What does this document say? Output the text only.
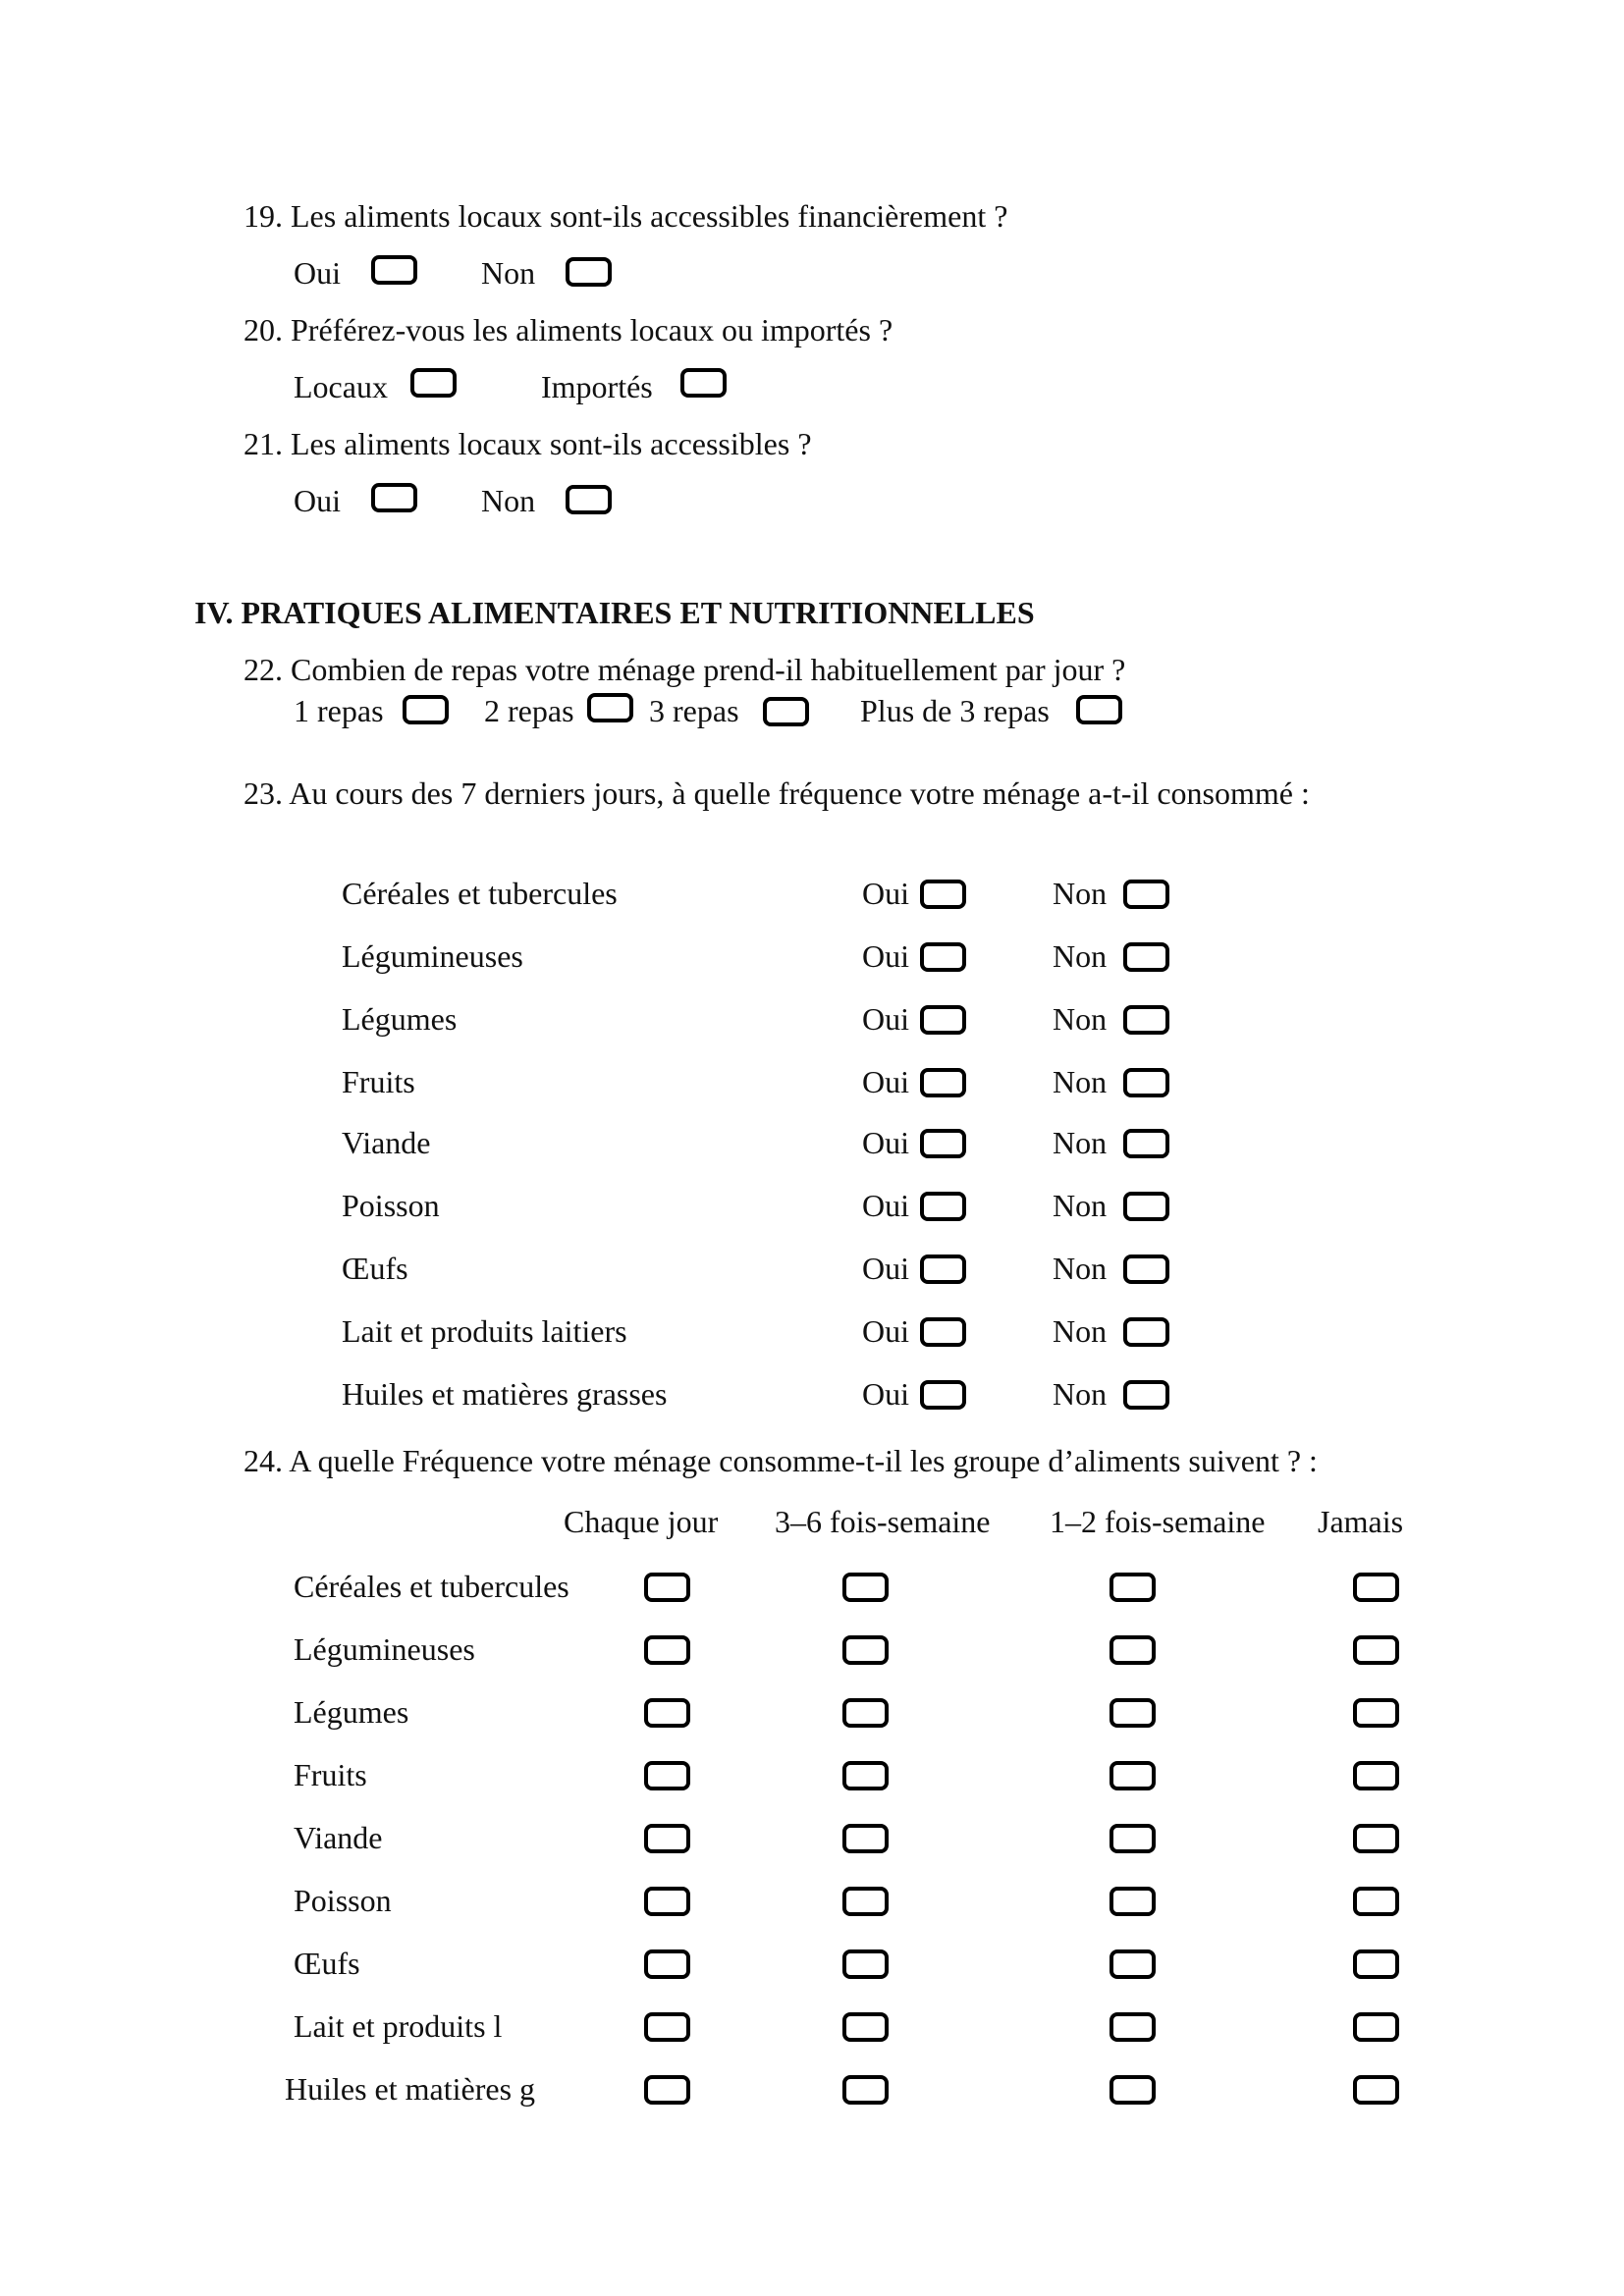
19. Les aliments locaux sont-ils accessibles financièrement ?
Oui	Non
20. Préférez-vous les aliments locaux ou importés ?
Locaux	Importés
21. Les aliments locaux sont-ils accessibles ?
Oui	Non
IV. PRATIQUES ALIMENTAIRES ET NUTRITIONNELLES
22. Combien de repas votre ménage prend-il habituellement par jour ?
1 repas	2 repas 3 repas	Plus de 3 repas
23. Au cours des 7 derniers jours, à quelle fréquence votre ménage a-t-il consommé :
Céréales et tubercules	Oui	Non
Légumineuses	Oui	Non
Légumes	Oui	Non
Fruits	Oui	Non
Viande	Oui	Non
Poisson	Oui	Non
Œufs	Oui	Non
Lait et produits laitiers	Oui	Non
Huiles et matières grasses	Oui	Non
24. A quelle Fréquence votre ménage consomme-t-il les groupe d’aliments suivent ? :
Chaque jour 3–6 fois-semaine 1–2 fois-semaine Jamais
Céréales et tubercules
Légumineuses
Légumes
Fruits
Viande
Poisson
Œufs
Lait et produits l
Huiles et matières g
